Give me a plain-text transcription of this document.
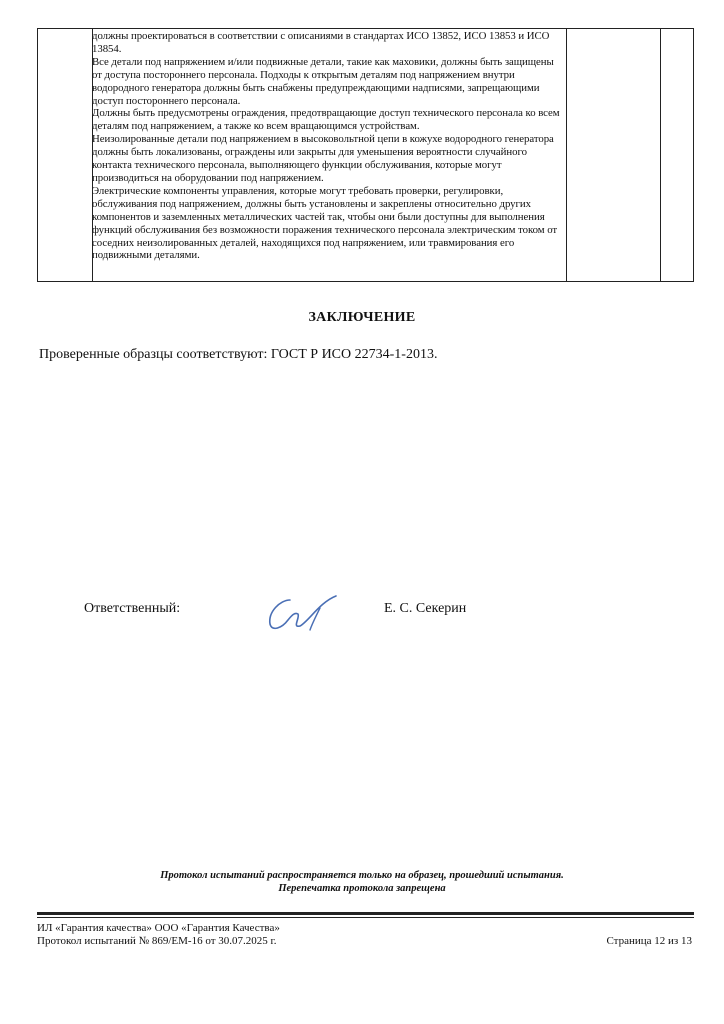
должны проектироваться в соответствии с описаниями в стандартах ИСО 13852, ИСО 13853 и ИСО 13854.

Все детали под напряжением и/или подвижные детали, такие как маховики, должны быть защищены от доступа постороннего персонала. Подходы к открытым деталям под напряжением внутри водородного генератора должны быть снабжены предупреждающими надписями, запрещающими доступ постороннего персонала.

Должны быть предусмотрены ограждения, предотвращающие доступ технического персонала ко всем деталям под напряжением, а также ко всем вращающимся устройствам.

Неизолированные детали под напряжением в высоковольтной цепи в кожухе водородного генератора должны быть локализованы, ограждены или закрыты для уменьшения вероятности случайного контакта технического персонала, выполняющего функции обслуживания, которые могут производиться на оборудовании под напряжением.

Электрические компоненты управления, которые могут требовать проверки, регулировки, обслуживания под напряжением, должны быть установлены и закреплены относительно других компонентов и заземленных металлических частей так, чтобы они были доступны для выполнения функций обслуживания без возможности поражения технического персонала электрическим током от соседних неизолированных деталей, находящихся под напряжением, или травмирования его подвижными деталями.

ЗАКЛЮЧЕНИЕ
Проверенные образцы соответствуют: ГОСТ Р ИСО 22734-1-2013.
Ответственный:	Е. С. Секерин
Протокол испытаний распространяется только на образец, прошедший испытания.
Перепечатка протокола запрещена
ИЛ «Гарантия качества» ООО «Гарантия Качества»
Протокол испытаний № 869/ЕМ-16 от 30.07.2025 г.	Страница 12 из 13
